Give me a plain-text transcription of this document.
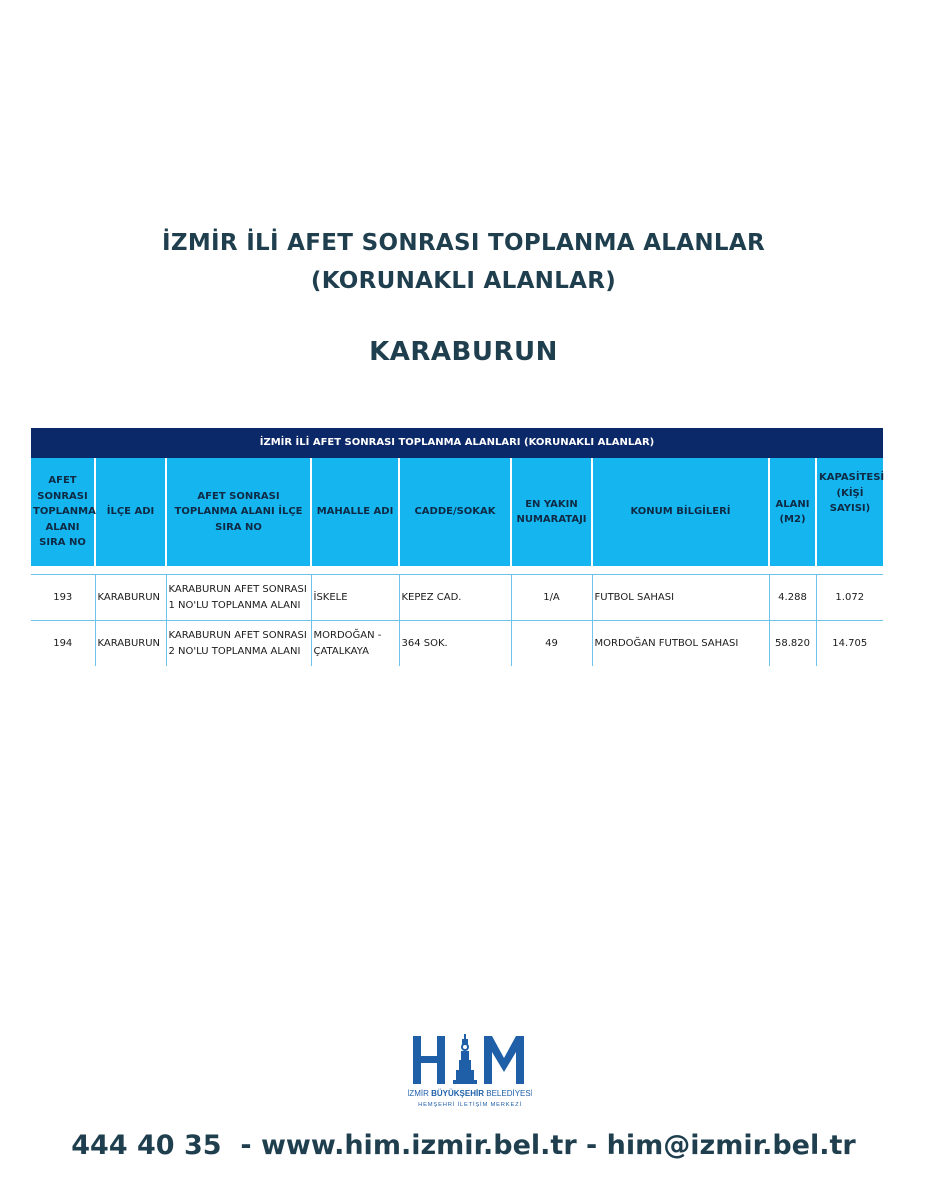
İZMİR İLİ AFET SONRASI TOPLANMA ALANLAR
(KORUNAKLI ALANLAR)
KARABURUN
İZMİR İLİ AFET SONRASI TOPLANMA ALANLARI (KORUNAKLI ALANLAR)
AFET SONRASI TOPLANMA ALANI SIRA NO	İLÇE ADI	AFET SONRASI TOPLANMA ALANI İLÇE SIRA NO	MAHALLE ADI	CADDE/SOKAK	EN YAKIN NUMARATAJI	KONUM BİLGİLERİ	ALANI (M2)	KAPASİTESİ (KİŞİ SAYISI)

193	KARABURUN	KARABURUN AFET SONRASI 1 NO'LU TOPLANMA ALANI	İSKELE	KEPEZ CAD.	1/A	FUTBOL SAHASI	4.288	1.072
194	KARABURUN	KARABURUN AFET SONRASI 2 NO'LU TOPLANMA ALANI	MORDOĞAN - ÇATALKAYA	364 SOK.	49	MORDOĞAN FUTBOL SAHASI	58.820	14.705
İZMİR BÜYÜKŞEHİR BELEDİYESİ
HEMŞEHRİ İLETİŞİM MERKEZİ
444 40 35  - www.him.izmir.bel.tr - him@izmir.bel.tr
